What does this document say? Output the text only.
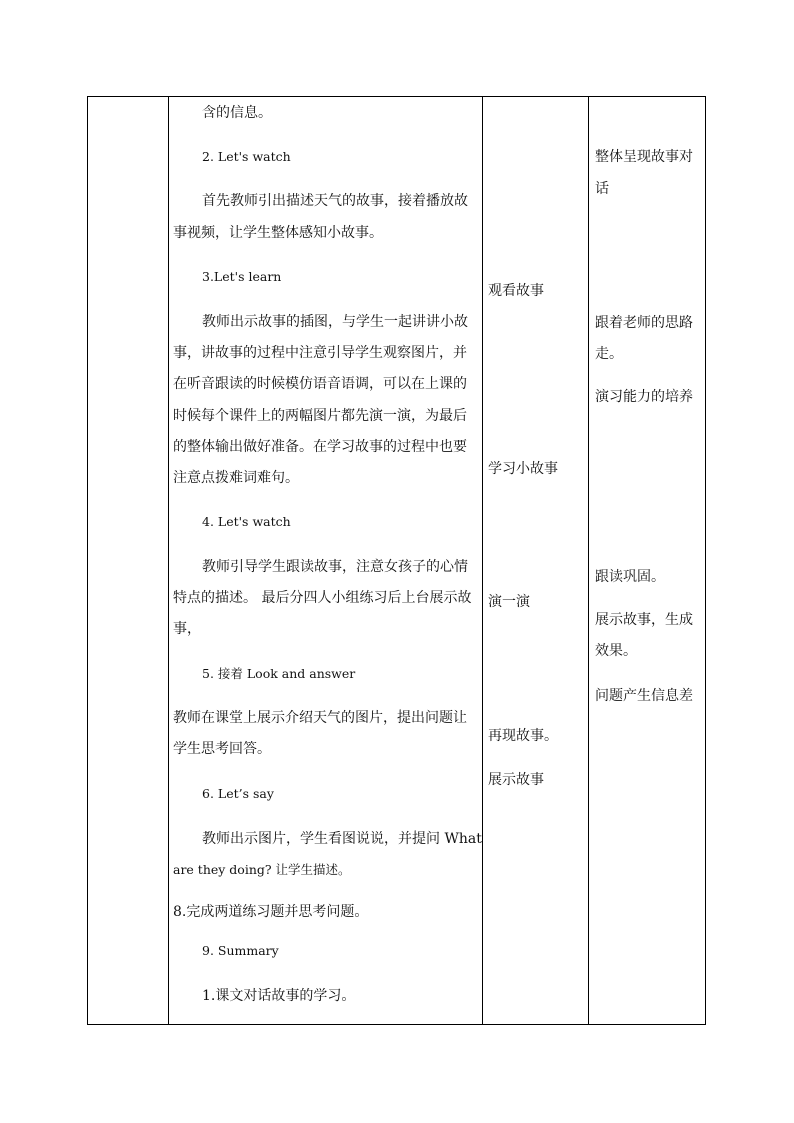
含的信息。
2. Let's watch
首先教师引出描述天气的故事，接着播放故
事视频，让学生整体感知小故事。
3.Let's learn
教师出示故事的插图，与学生一起讲讲小故
事，讲故事的过程中注意引导学生观察图片，并
在听音跟读的时候模仿语音语调，可以在上课的
时候每个课件上的两幅图片都先演一演，为最后
的整体输出做好准备。在学习故事的过程中也要
注意点拨难词难句。
4. Let's watch
教师引导学生跟读故事，注意女孩子的心情
特点的描述。 最后分四人小组练习后上台展示故
事，
5. 接着 Look and answer
教师在课堂上展示介绍天气的图片，提出问题让
学生思考回答。
6. Let’s say
教师出示图片，学生看图说说，并提问 What
are they doing? 让学生描述。
8.完成两道练习题并思考问题。
9. Summary
1.课文对话故事的学习。
观看故事
学习小故事
演一演
再现故事。
展示故事
整体呈现故事对
话
跟着老师的思路
走。
演习能力的培养
跟读巩固。
展示故事，生成
效果。
问题产生信息差
